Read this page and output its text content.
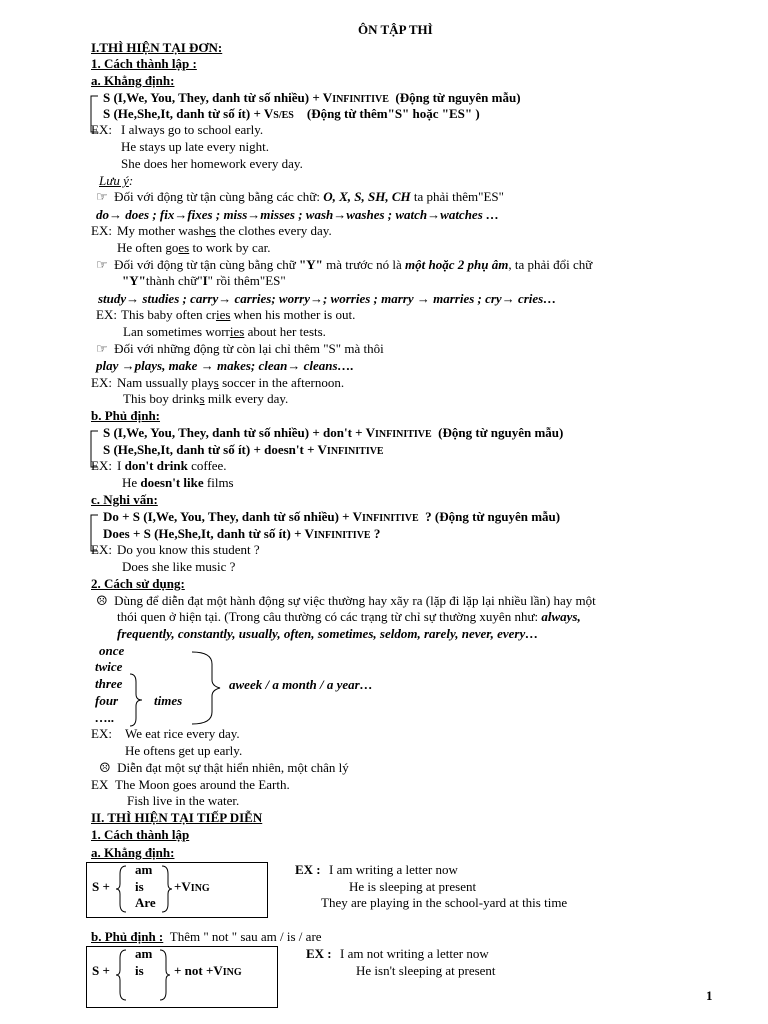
ÔN TẬP THÌ
I.THÌ HIỆN TẠI ĐƠN:
1. Cách thành lập :
a. Khẳng định:
S (I,We, You, They, danh từ số nhiều) + VINFINITIVE (Động từ nguyên mẫu)
S (He,She,It, danh từ số ít) + VS/ES (Động từ thêm"S" hoặc "ES" )
EX: I always go to school early.
He stays up late every night.
She does her homework every day.
Lưu ý:
☞ Đối với động từ tận cùng bằng các chữ: O, X, S, SH, CH ta phải thêm"ES"
do→ does ; fix→fixes ; miss→misses ; wash→washes ; watch→watches …
EX: My mother washes the clothes every day.
He often goes to work by car.
☞ Đối với động từ tận cùng bằng chữ "Y" mà trước nó là một hoặc 2 phụ âm, ta phải đổi chữ
"Y"thành chữ"I" rồi thêm"ES"
study→ studies ; carry→ carries; worry→; worries ; marry → marries ; cry→ cries…
EX: This baby often cries when his mother is out.
Lan sometimes worries about her tests.
☞ Đối với những động từ còn lại chỉ thêm "S" mà thôi
play →plays, make → makes; clean→ cleans….
EX: Nam ussually plays soccer in the afternoon.
This boy drinks milk every day.
b. Phủ định:
S (I,We, You, They, danh từ số nhiều) + don't + VINFINITIVE (Động từ nguyên mẫu)
S (He,She,It, danh từ số ít) + doesn't + VINFINITIVE
EX: I don't drink coffee.
He doesn't like films
c. Nghi vấn:
Do + S (I,We, You, They, danh từ số nhiều) + VINFINITIVE ? (Động từ nguyên mẫu)
Does + S (He,She,It, danh từ số ít) + VINFINITIVE ?
EX: Do you know this student ?
Does she like music ?
2. Cách sử dụng:
☹ Dùng để diễn đạt một hành động sự việc thường hay xãy ra (lặp đi lặp lại nhiều lần) hay một
thói quen ở hiện tại. (Trong câu thường có các trạng từ chỉ sự thường xuyên như: always,
frequently, constantly, usually, often, sometimes, seldom, rarely, never, every…
once
twice
three
four
…..
times
aweek / a month / a year…
EX: We eat rice every day.
He oftens get up early.
☹ Diễn đạt một sự thật hiển nhiên, một chân lý
EX The Moon goes around the Earth.
Fish live in the water.
II. THÌ HIỆN TẠI TIẾP DIỄN
1. Cách thành lập
a. Khẳng định:
S +
am
is
Are
+VING
EX : I am writing a letter now
He is sleeping at present
They are playing in the school-yard at this time
b. Phủ định : Thêm " not " sau am / is / are
S +
am
is + not +VING
EX : I am not writing a letter now
He isn't sleeping at present
1
